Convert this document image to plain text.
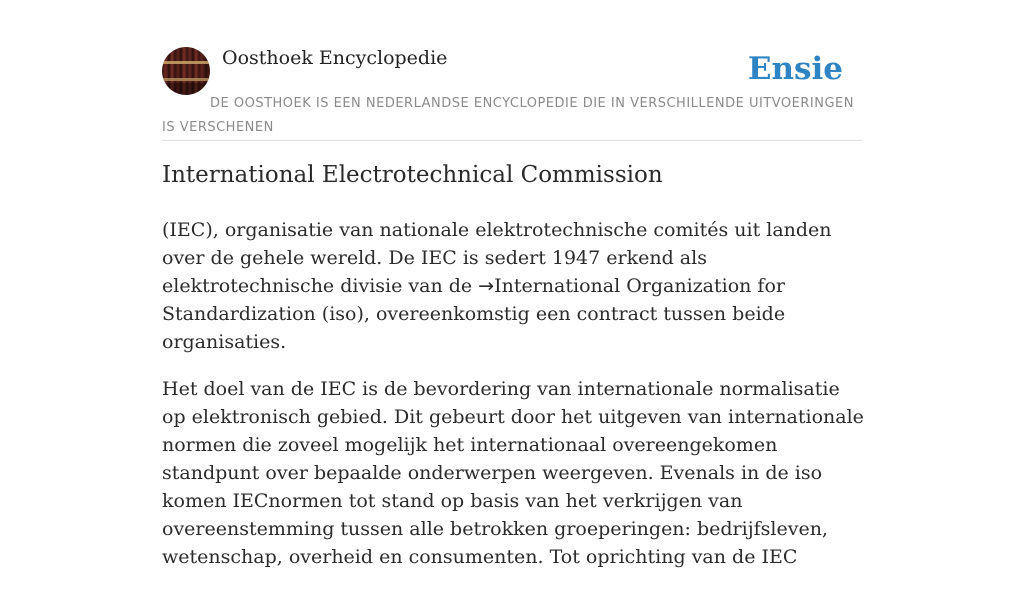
Oosthoek Encyclopedie	Ensie
DE OOSTHOEK IS EEN NEDERLANDSE ENCYCLOPEDIE DIE IN VERSCHILLENDE UITVOERINGEN IS VERSCHENEN
International Electrotechnical Commission

(IEC), organisatie van nationale elektrotechnische comités uit landen over de gehele wereld. De IEC is sedert 1947 erkend als elektrotechnische divisie van de →International Organization for Standardization (iso), overeenkomstig een contract tussen beide organisaties.

Het doel van de IEC is de bevordering van internationale normalisatie op elektronisch gebied. Dit gebeurt door het uitgeven van internationale normen die zoveel mogelijk het internationaal overeengekomen standpunt over bepaalde onderwerpen weergeven. Evenals in de iso komen IECnormen tot stand op basis van het verkrijgen van overeenstemming tussen alle betrokken groeperingen: bedrijfsleven, wetenschap, overheid en consumenten. Tot oprichting van de IEC
